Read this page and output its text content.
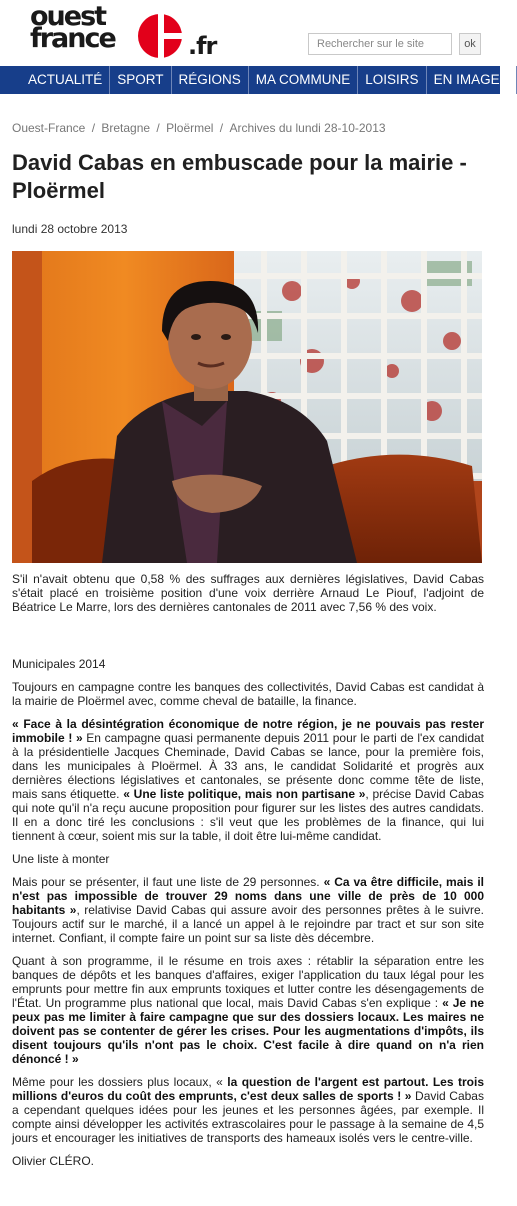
ouest
france	.fr
Rechercher sur le site	ok
ACTUALITÉ SPORT RÉGIONS MA COMMUNE LOISIRS EN IMAGES
Ouest-France / Bretagne / Ploërmel / Archives du lundi 28-10-2013
David Cabas en embuscade pour la mairie - Ploërmel
lundi 28 octobre 2013

S'il n'avait obtenu que 0,58 % des suffrages aux dernières législatives, David Cabas s'était placé en troisième position d'une voix derrière Arnaud Le Piouf, l'adjoint de Béatrice Le Marre, lors des dernières cantonales de 2011 avec 7,56 % des voix.

Municipales 2014

Toujours en campagne contre les banques des collectivités, David Cabas est candidat à la mairie de Ploërmel avec, comme cheval de bataille, la finance.

« Face à la désintégration économique de notre région, je ne pouvais pas rester immobile ! » En campagne quasi permanente depuis 2011 pour le parti de l'ex candidat à la présidentielle Jacques Cheminade, David Cabas se lance, pour la première fois, dans les municipales à Ploërmel. À 33 ans, le candidat Solidarité et progrès aux dernières élections législatives et cantonales, se présente donc comme tête de liste, mais sans étiquette. « Une liste politique, mais non partisane », précise David Cabas qui note qu'il n'a reçu aucune proposition pour figurer sur les listes des autres candidats. Il en a donc tiré les conclusions : s'il veut que les problèmes de la finance, qui lui tiennent à cœur, soient mis sur la table, il doit être lui-même candidat.

Une liste à monter

Mais pour se présenter, il faut une liste de 29 personnes. « Ca va être difficile, mais il n'est pas impossible de trouver 29 noms dans une ville de près de 10 000 habitants », relativise David Cabas qui assure avoir des personnes prêtes à le suivre. Toujours actif sur le marché, il a lancé un appel à le rejoindre par tract et sur son site internet. Confiant, il compte faire un point sur sa liste dès décembre.

Quant à son programme, il le résume en trois axes : rétablir la séparation entre les banques de dépôts et les banques d'affaires, exiger l'application du taux légal pour les emprunts pour mettre fin aux emprunts toxiques et lutter contre les désengagements de l'État. Un programme plus national que local, mais David Cabas s'en explique : « Je ne peux pas me limiter à faire campagne que sur des dossiers locaux. Les maires ne doivent pas se contenter de gérer les crises. Pour les augmentations d'impôts, ils disent toujours qu'ils n'ont pas le choix. C'est facile à dire quand on n'a rien dénoncé ! »

Même pour les dossiers plus locaux, « la question de l'argent est partout. Les trois millions d'euros du coût des emprunts, c'est deux salles de sports ! » David Cabas a cependant quelques idées pour les jeunes et les personnes âgées, par exemple. Il compte ainsi développer les activités extrascolaires pour le passage à la semaine de 4,5 jours et encourager les initiatives de transports des hameaux isolés vers le centre-ville.

Olivier CLÉRO.
